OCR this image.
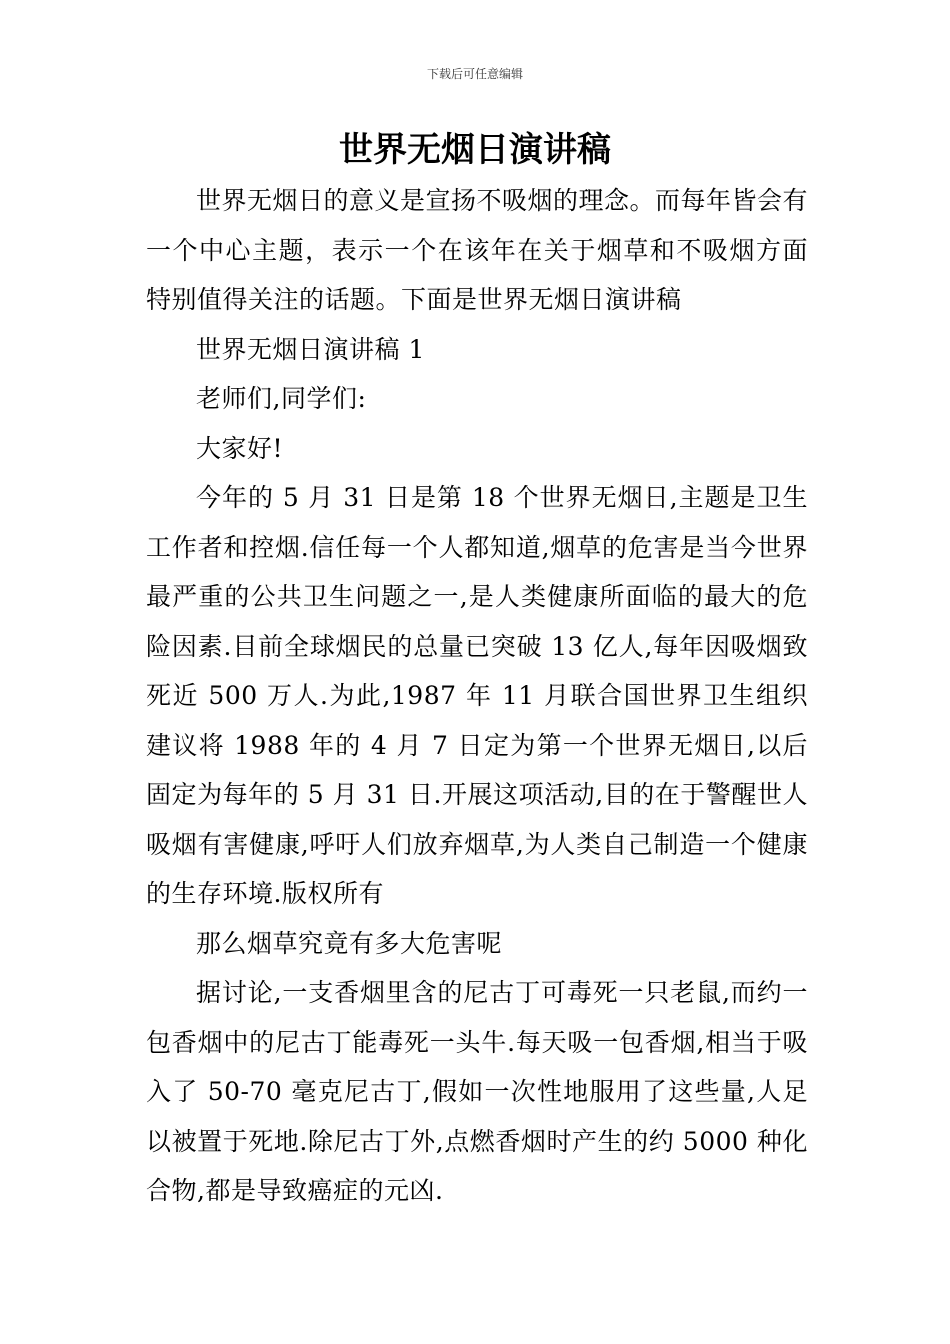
下载后可任意编辑
世界无烟日演讲稿

世界无烟日的意义是宣扬不吸烟的理念。而每年皆会有一个中心主题，表示一个在该年在关于烟草和不吸烟方面特别值得关注的话题。下面是世界无烟日演讲稿

世界无烟日演讲稿 1

老师们,同学们:

大家好!

今年的 5 月 31 日是第 18 个世界无烟日,主题是卫生工作者和控烟.信任每一个人都知道,烟草的危害是当今世界最严重的公共卫生问题之一,是人类健康所面临的最大的危险因素.目前全球烟民的总量已突破 13 亿人,每年因吸烟致死近 500 万人.为此,1987 年 11 月联合国世界卫生组织建议将 1988 年的 4 月 7 日定为第一个世界无烟日,以后固定为每年的 5 月 31 日.开展这项活动,目的在于警醒世人吸烟有害健康,呼吁人们放弃烟草,为人类自己制造一个健康的生存环境.版权所有

那么烟草究竟有多大危害呢

据讨论,一支香烟里含的尼古丁可毒死一只老鼠,而约一包香烟中的尼古丁能毒死一头牛.每天吸一包香烟,相当于吸入了 50-70 毫克尼古丁,假如一次性地服用了这些量,人足以被置于死地.除尼古丁外,点燃香烟时产生的约 5000 种化合物,都是导致癌症的元凶.
